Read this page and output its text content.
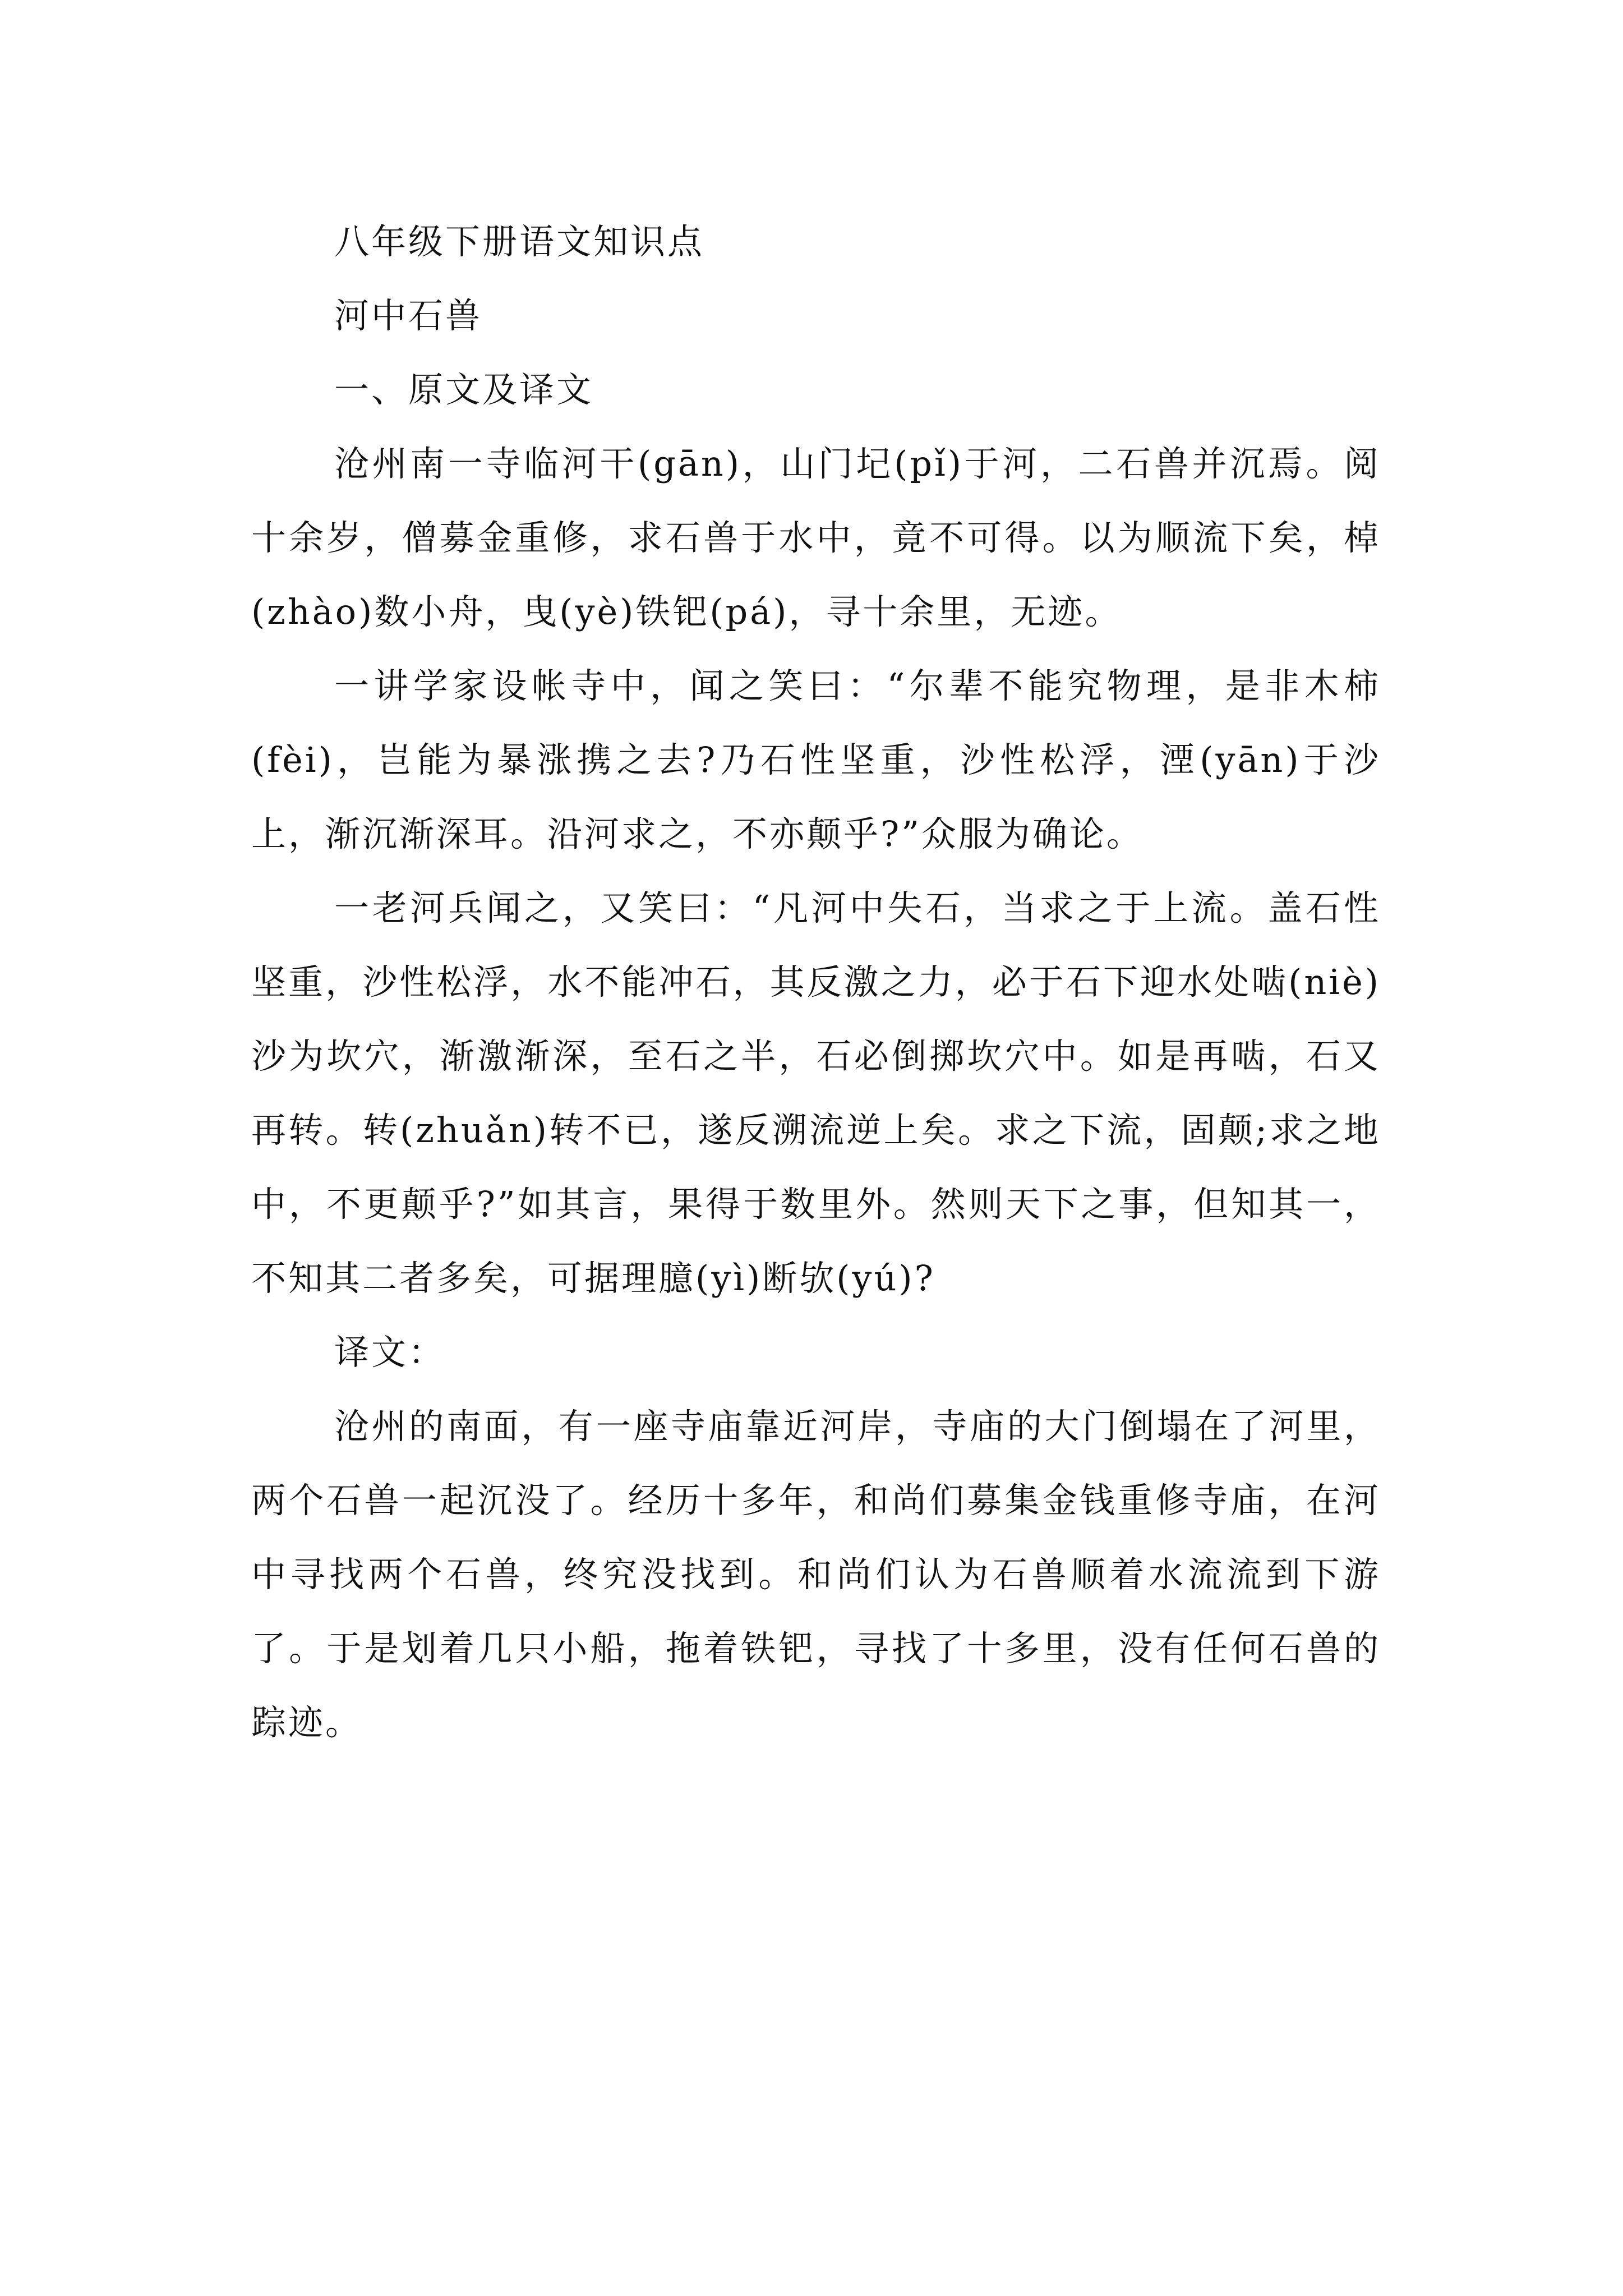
八年级下册语文知识点

河中石兽

一、原文及译文

沧州南一寺临河干(gān)，山门圮(pǐ)于河，二石兽并沉焉。阅十余岁，僧募金重修，求石兽于水中，竟不可得。以为顺流下矣，棹(zhào)数小舟，曳(yè)铁钯(pá)，寻十余里，无迹。

一讲学家设帐寺中，闻之笑曰：“尔辈不能究物理，是非木柿(fèi)，岂能为暴涨携之去?乃石性坚重，沙性松浮，湮(yān)于沙上，渐沉渐深耳。沿河求之，不亦颠乎?”众服为确论。

一老河兵闻之，又笑曰：“凡河中失石，当求之于上流。盖石性坚重，沙性松浮，水不能冲石，其反激之力，必于石下迎水处啮(niè)沙为坎穴，渐激渐深，至石之半，石必倒掷坎穴中。如是再啮，石又再转。转(zhuǎn)转不已，遂反溯流逆上矣。求之下流，固颠;求之地中，不更颠乎?”如其言，果得于数里外。然则天下之事，但知其一，不知其二者多矣，可据理臆(yì)断欤(yú)?

译文：

沧州的南面，有一座寺庙靠近河岸，寺庙的大门倒塌在了河里，两个石兽一起沉没了。经历十多年，和尚们募集金钱重修寺庙，在河中寻找两个石兽，终究没找到。和尚们认为石兽顺着水流流到下游了。于是划着几只小船，拖着铁钯，寻找了十多里，没有任何石兽的踪迹。
